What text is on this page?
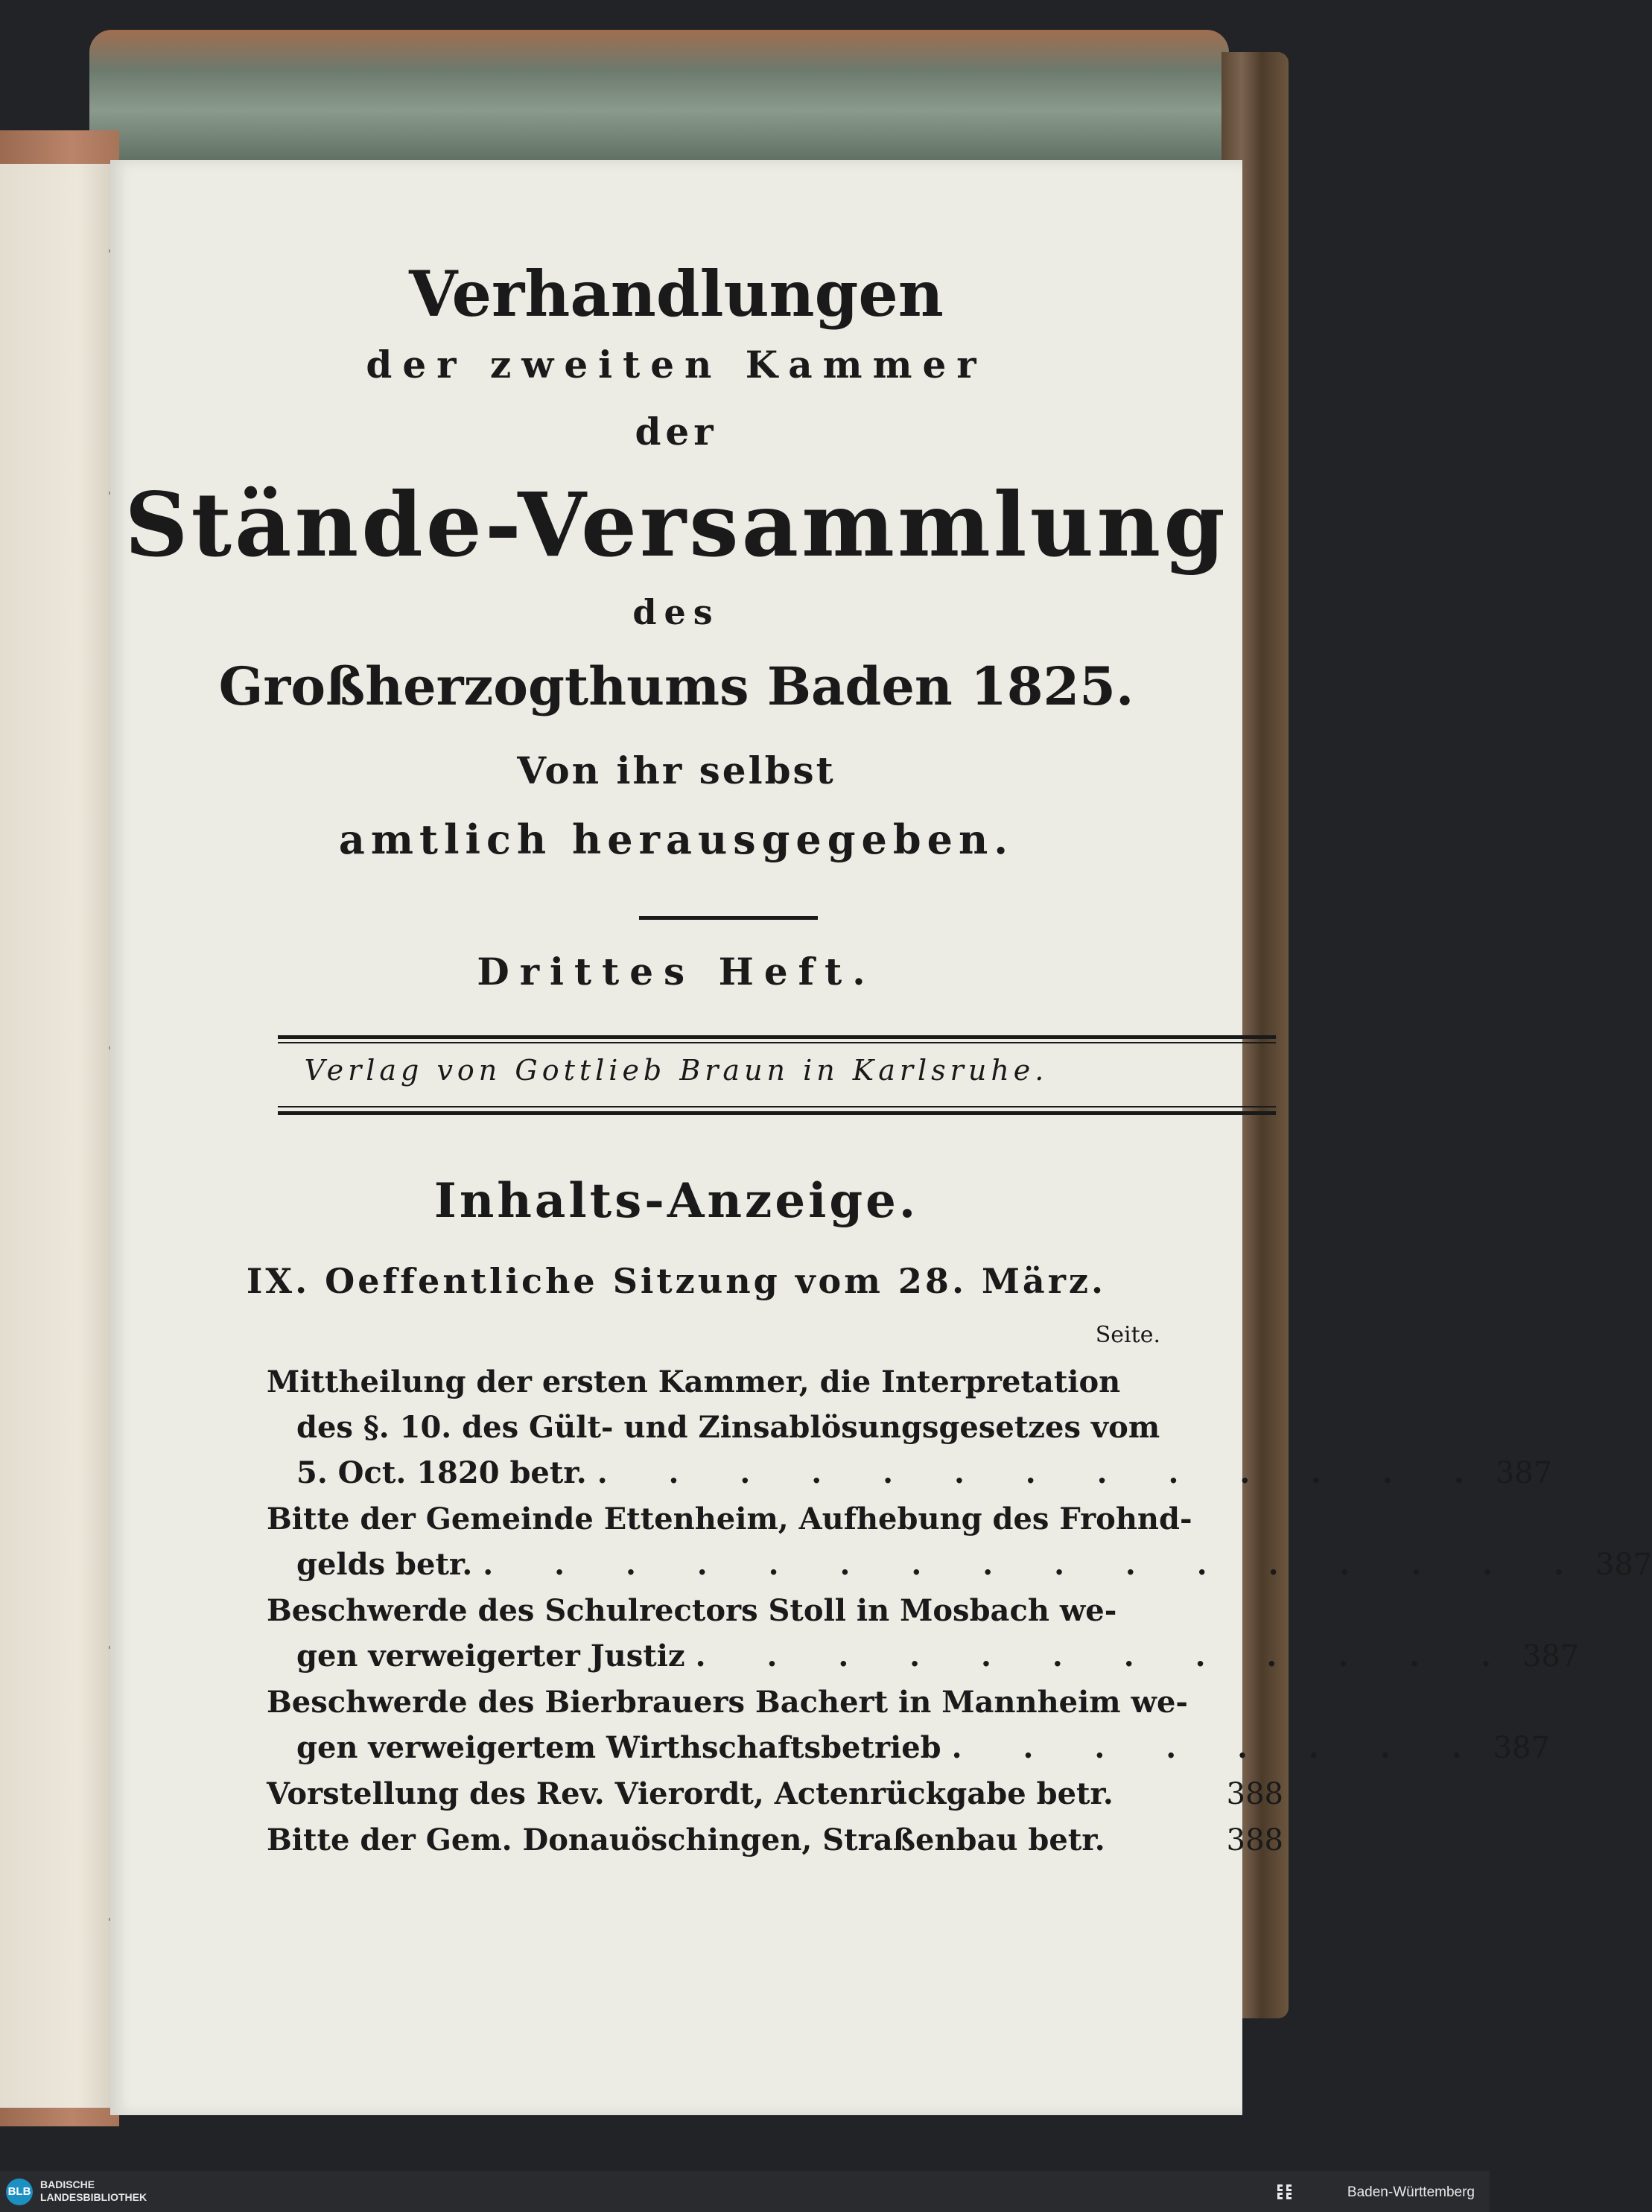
Verhandlungen
der zweiten Kammer
der
Stände-Versammlung
des
Großherzogthums Baden 1825.
Von ihr selbst
amtlich herausgegeben.
Drittes Heft.
Verlag von Gottlieb Braun in Karlsruhe.
Inhalts-Anzeige.
IX. Oeffentliche Sitzung vom 28. März.
Seite.
Mittheilung der ersten Kammer, die Interpretation
des §. 10. des Gült- und Zinsablösungsgesetzes vom
5. Oct. 1820 betr. . . . . . . . . . . . . . 387
Bitte der Gemeinde Ettenheim, Aufhebung des Frohnd-
gelds betr. . . . . . . . . . . . . . . . . 387
Beschwerde des Schulrectors Stoll in Mosbach we-
gen verweigerter Justiz . . . . . . . . . . . . 387
Beschwerde des Bierbrauers Bachert in Mannheim we-
gen verweigertem Wirthschaftsbetrieb . . . . . . . . 387
Vorstellung des Rev. Vierordt, Actenrückgabe betr.	388
Bitte der Gem. Donauöschingen, Straßenbau betr.	388
BLB
BADISCHE
LANDESBIBLIOTHEK	Baden-Württemberg
